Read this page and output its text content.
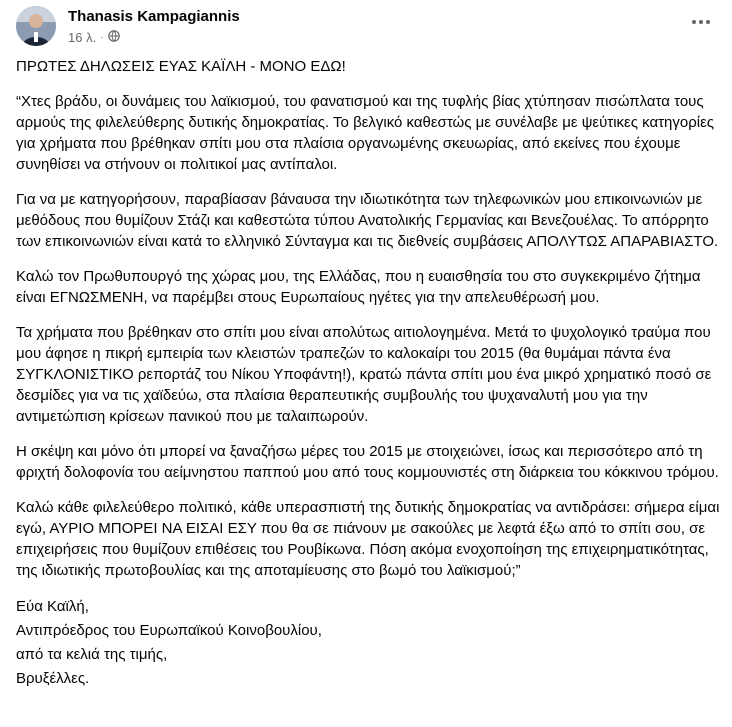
Thanasis Kampagiannis
16 λ. ·

ΠΡΩΤΕΣ ΔΗΛΩΣΕΙΣ ΕΥΑΣ ΚΑΪΛΗ - ΜΟΝΟ ΕΔΩ!

“Χτες βράδυ, οι δυνάμεις του λαϊκισμού, του φανατισμού και της τυφλής βίας χτύπησαν πισώπλατα τους αρμούς της φιλελεύθερης δυτικής δημοκρατίας. Το βελγικό καθεστώς με συνέλαβε με ψεύτικες κατηγορίες για χρήματα που βρέθηκαν σπίτι μου στα πλαίσια οργανωμένης σκευωρίας, από εκείνες που έχουμε συνηθίσει να στήνουν οι πολιτικοί μας αντίπαλοι.

Για να με κατηγορήσουν, παραβίασαν βάναυσα την ιδιωτικότητα των τηλεφωνικών μου επικοινωνιών με μεθόδους που θυμίζουν Στάζι και καθεστώτα τύπου Ανατολικής Γερμανίας και Βενεζουέλας. Το απόρρητο των επικοινωνιών είναι κατά το ελληνικό Σύνταγμα και τις διεθνείς συμβάσεις ΑΠΟΛΥΤΩΣ ΑΠΑΡΑΒΙΑΣΤΟ.

Καλώ τον Πρωθυπουργό της χώρας μου, της Ελλάδας, που η ευαισθησία του στο συγκεκριμένο ζήτημα είναι ΕΓΝΩΣΜΕΝΗ, να παρέμβει στους Ευρωπαίους ηγέτες για την απελευθέρωσή μου.

Τα χρήματα που βρέθηκαν στο σπίτι μου είναι απολύτως αιτιολογημένα. Μετά το ψυχολογικό τραύμα που μου άφησε η πικρή εμπειρία των κλειστών τραπεζών το καλοκαίρι του 2015 (θα θυμάμαι πάντα ένα ΣΥΓΚΛΟΝΙΣΤΙΚΟ ρεπορτάζ του Νίκου Υποφάντη!), κρατώ πάντα σπίτι μου ένα μικρό χρηματικό ποσό σε δεσμίδες για να τις χαϊδεύω, στα πλαίσια θεραπευτικής συμβουλής του ψυχαναλυτή μου για την αντιμετώπιση κρίσεων πανικού που με ταλαιπωρούν.

Η σκέψη και μόνο ότι μπορεί να ξαναζήσω μέρες του 2015 με στοιχειώνει, ίσως και περισσότερο από τη φριχτή δολοφονία του αείμνηστου παππού μου από τους κομμουνιστές στη διάρκεια του κόκκινου τρόμου.

Καλώ κάθε φιλελεύθερο πολιτικό, κάθε υπερασπιστή της δυτικής δημοκρατίας να αντιδράσει: σήμερα είμαι εγώ, ΑΥΡΙΟ ΜΠΟΡΕΙ ΝΑ ΕΙΣΑΙ ΕΣΥ που θα σε πιάνουν με σακούλες με λεφτά έξω από το σπίτι σου, σε επιχειρήσεις που θυμίζουν επιθέσεις του Ρουβίκωνα. Πόση ακόμα ενοχοποίηση της επιχειρηματικότητας, της ιδιωτικής πρωτοβουλίας και της αποταμίευσης στο βωμό του λαϊκισμού;”

Εύα Καϊλή,

Αντιπρόεδρος του Ευρωπαϊκού Κοινοβουλίου,

από τα κελιά της τιμής,

Βρυξέλλες.
